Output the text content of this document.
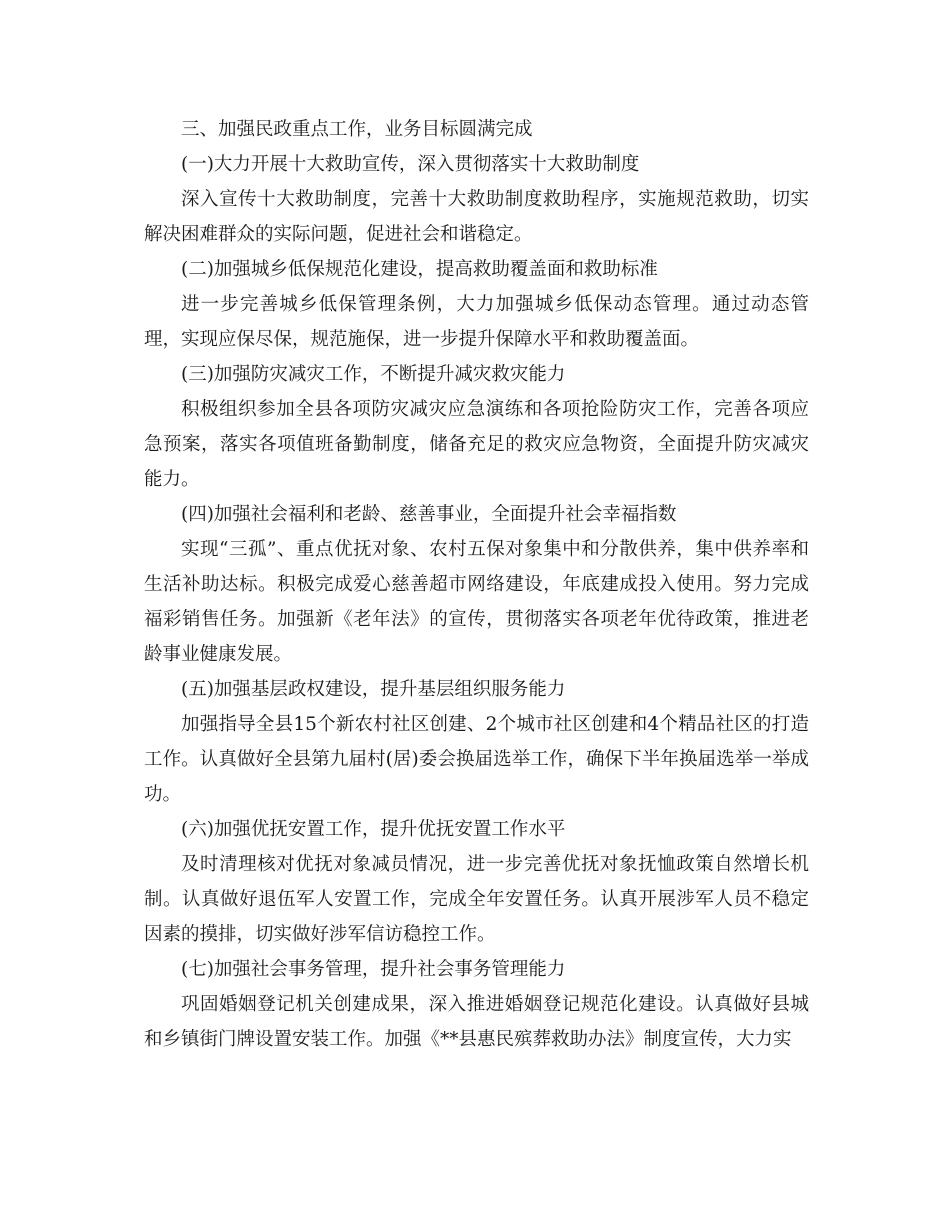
三、加强民政重点工作，业务目标圆满完成

(一)大力开展十大救助宣传，深入贯彻落实十大救助制度

深入宣传十大救助制度，完善十大救助制度救助程序，实施规范救助，切实解决困难群众的实际问题，促进社会和谐稳定。

(二)加强城乡低保规范化建设，提高救助覆盖面和救助标准

进一步完善城乡低保管理条例，大力加强城乡低保动态管理。通过动态管理，实现应保尽保，规范施保，进一步提升保障水平和救助覆盖面。

(三)加强防灾减灾工作，不断提升减灾救灾能力

积极组织参加全县各项防灾减灾应急演练和各项抢险防灾工作，完善各项应急预案，落实各项值班备勤制度，储备充足的救灾应急物资，全面提升防灾减灾能力。

(四)加强社会福利和老龄、慈善事业，全面提升社会幸福指数

实现“三孤”、重点优抚对象、农村五保对象集中和分散供养，集中供养率和生活补助达标。积极完成爱心慈善超市网络建设，年底建成投入使用。努力完成福彩销售任务。加强新《老年法》的宣传，贯彻落实各项老年优待政策，推进老龄事业健康发展。

(五)加强基层政权建设，提升基层组织服务能力

加强指导全县15个新农村社区创建、2个城市社区创建和4个精品社区的打造工作。认真做好全县第九届村(居)委会换届选举工作，确保下半年换届选举一举成功。

(六)加强优抚安置工作，提升优抚安置工作水平

及时清理核对优抚对象减员情况，进一步完善优抚对象抚恤政策自然增长机制。认真做好退伍军人安置工作，完成全年安置任务。认真开展涉军人员不稳定因素的摸排，切实做好涉军信访稳控工作。

(七)加强社会事务管理，提升社会事务管理能力

巩固婚姻登记机关创建成果，深入推进婚姻登记规范化建设。认真做好县城和乡镇街门牌设置安装工作。加强《**县惠民殡葬救助办法》制度宣传，大力实
